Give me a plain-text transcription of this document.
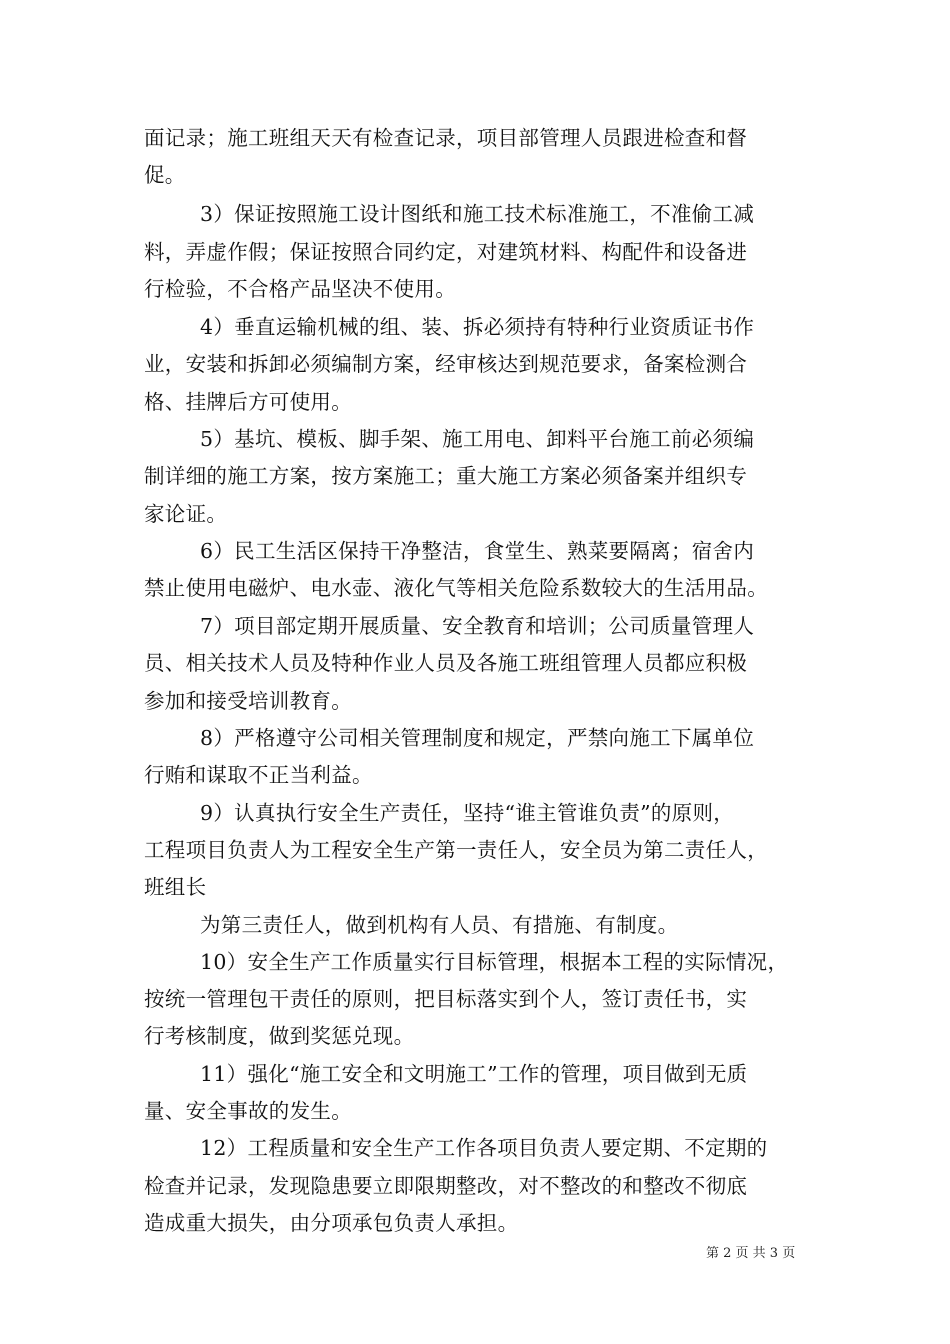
面记录；施工班组天天有检查记录，项目部管理人员跟进检查和督
促。
3）保证按照施工设计图纸和施工技术标准施工，不准偷工减
料，弄虚作假；保证按照合同约定，对建筑材料、构配件和设备进
行检验，不合格产品坚决不使用。
4）垂直运输机械的组、装、拆必须持有特种行业资质证书作
业，安装和拆卸必须编制方案，经审核达到规范要求，备案检测合
格、挂牌后方可使用。
5）基坑、模板、脚手架、施工用电、卸料平台施工前必须编
制详细的施工方案，按方案施工；重大施工方案必须备案并组织专
家论证。
6）民工生活区保持干净整洁，食堂生、熟菜要隔离；宿舍内
禁止使用电磁炉、电水壶、液化气等相关危险系数较大的生活用品。
7）项目部定期开展质量、安全教育和培训；公司质量管理人
员、相关技术人员及特种作业人员及各施工班组管理人员都应积极
参加和接受培训教育。
8）严格遵守公司相关管理制度和规定，严禁向施工下属单位
行贿和谋取不正当利益。
9）认真执行安全生产责任，坚持“谁主管谁负责”的原则，
工程项目负责人为工程安全生产第一责任人，安全员为第二责任人，
班组长
为第三责任人，做到机构有人员、有措施、有制度。
10）安全生产工作质量实行目标管理，根据本工程的实际情况，
按统一管理包干责任的原则，把目标落实到个人，签订责任书，实
行考核制度，做到奖惩兑现。
11）强化“施工安全和文明施工”工作的管理，项目做到无质
量、安全事故的发生。
12）工程质量和安全生产工作各项目负责人要定期、不定期的
检查并记录，发现隐患要立即限期整改，对不整改的和整改不彻底
造成重大损失，由分项承包负责人承担。
第 2 页 共 3 页
